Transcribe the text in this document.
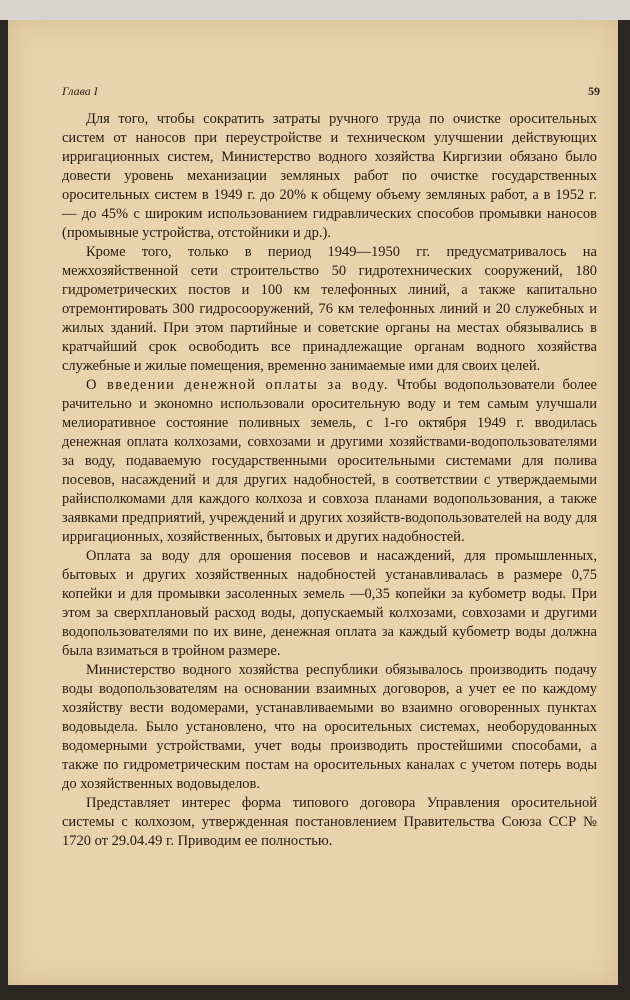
Глава I	59

Для того, чтобы сократить затраты ручного труда по очистке оросительных систем от наносов при переустройстве и техническом улучшении действующих ирригационных систем, Министерство водного хозяйства Киргизии обязано было довести уровень механизации земляных работ по очистке государственных оросительных систем в 1949 г. до 20% к общему объему земляных работ, а в 1952 г. — до 45% с широким использованием гидравлических способов промывки наносов (промывные устройства, отстойники и др.).

Кроме того, только в период 1949—1950 гг. предусматривалось на межхозяйственной сети строительство 50 гидротехнических сооружений, 180 гидрометрических постов и 100 км телефонных линий, а также капитально отремонтировать 300 гидросооружений, 76 км телефонных линий и 20 служебных и жилых зданий. При этом партийные и советские органы на местах обязывались в кратчайший срок освободить все принадлежащие органам водного хозяйства служебные и жилые помещения, временно занимаемые ими для своих целей.

О введении денежной оплаты за воду. Чтобы водопользователи более рачительно и экономно использовали оросительную воду и тем самым улучшали мелиоративное состояние поливных земель, с 1-го октября 1949 г. вводилась денежная оплата колхозами, совхозами и другими хозяйствами-водопользователями за воду, подаваемую государственными оросительными системами для полива посевов, насаждений и для других надобностей, в соответствии с утверждаемыми райисполкомами для каждого колхоза и совхоза планами водопользования, а также заявками предприятий, учреждений и других хозяйств-водопользователей на воду для ирригационных, хозяйственных, бытовых и других надобностей.

Оплата за воду для орошения посевов и насаждений, для промышленных, бытовых и других хозяйственных надобностей устанавливалась в размере 0,75 копейки и для промывки засоленных земель —0,35 копейки за кубометр воды. При этом за сверхплановый расход воды, допускаемый колхозами, совхозами и другими водопользователями по их вине, денежная оплата за каждый кубометр воды должна была взиматься в тройном размере.

Министерство водного хозяйства республики обязывалось производить подачу воды водопользователям на основании взаимных договоров, а учет ее по каждому хозяйству вести водомерами, устанавливаемыми во взаимно оговоренных пунктах водовыдела. Было установлено, что на оросительных системах, необорудованных водомерными устройствами, учет воды производить простейшими способами, а также по гидрометрическим постам на оросительных каналах с учетом потерь воды до хозяйственных водовыделов.

Представляет интерес форма типового договора Управления оросительной системы с колхозом, утвержденная постановлением Правительства Союза ССР № 1720 от 29.04.49 г. Приводим ее полностью.
